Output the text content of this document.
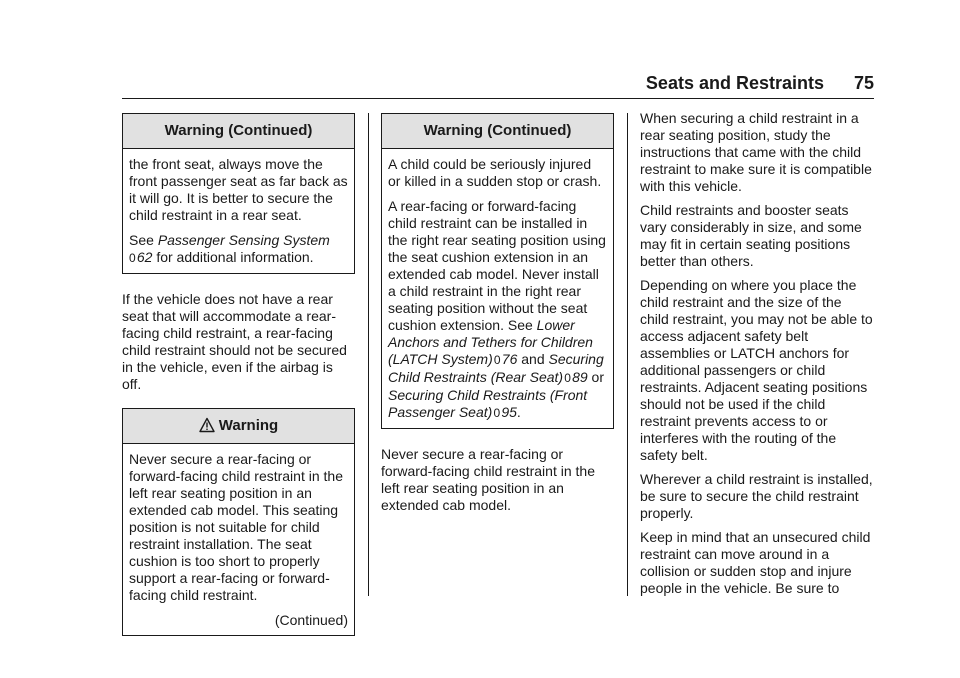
Seats and Restraints 75
Warning (Continued)

the front seat, always move the front passenger seat as far back as it will go. It is better to secure the child restraint in a rear seat.

See Passenger Sensing System
0 62 for additional information.

If the vehicle does not have a rear seat that will accommodate a rear-facing child restraint, a rear-facing child restraint should not be secured in the vehicle, even if the airbag is off.

Warning

Never secure a rear-facing or forward-facing child restraint in the left rear seating position in an extended cab model. This seating position is not suitable for child restraint installation. The seat cushion is too short to properly support a rear-facing or forward-facing child restraint.

(Continued)
Warning (Continued)

A child could be seriously injured or killed in a sudden stop or crash.

A rear-facing or forward-facing child restraint can be installed in the right rear seating position using the seat cushion extension in an extended cab model. Never install a child restraint in the right rear seating position without the seat cushion extension. See Lower Anchors and Tethers for Children (LATCH System) 0 76 and Securing Child Restraints (Rear Seat) 0 89 or Securing Child Restraints (Front Passenger Seat) 0 95.

Never secure a rear-facing or forward-facing child restraint in the left rear seating position in an extended cab model.

When securing a child restraint in a rear seating position, study the instructions that came with the child restraint to make sure it is compatible with this vehicle.

Child restraints and booster seats vary considerably in size, and some may fit in certain seating positions better than others.

Depending on where you place the child restraint and the size of the child restraint, you may not be able to access adjacent safety belt assemblies or LATCH anchors for additional passengers or child restraints. Adjacent seating positions should not be used if the child restraint prevents access to or interferes with the routing of the safety belt.

Wherever a child restraint is installed, be sure to secure the child restraint properly.

Keep in mind that an unsecured child restraint can move around in a collision or sudden stop and injure people in the vehicle. Be sure to
